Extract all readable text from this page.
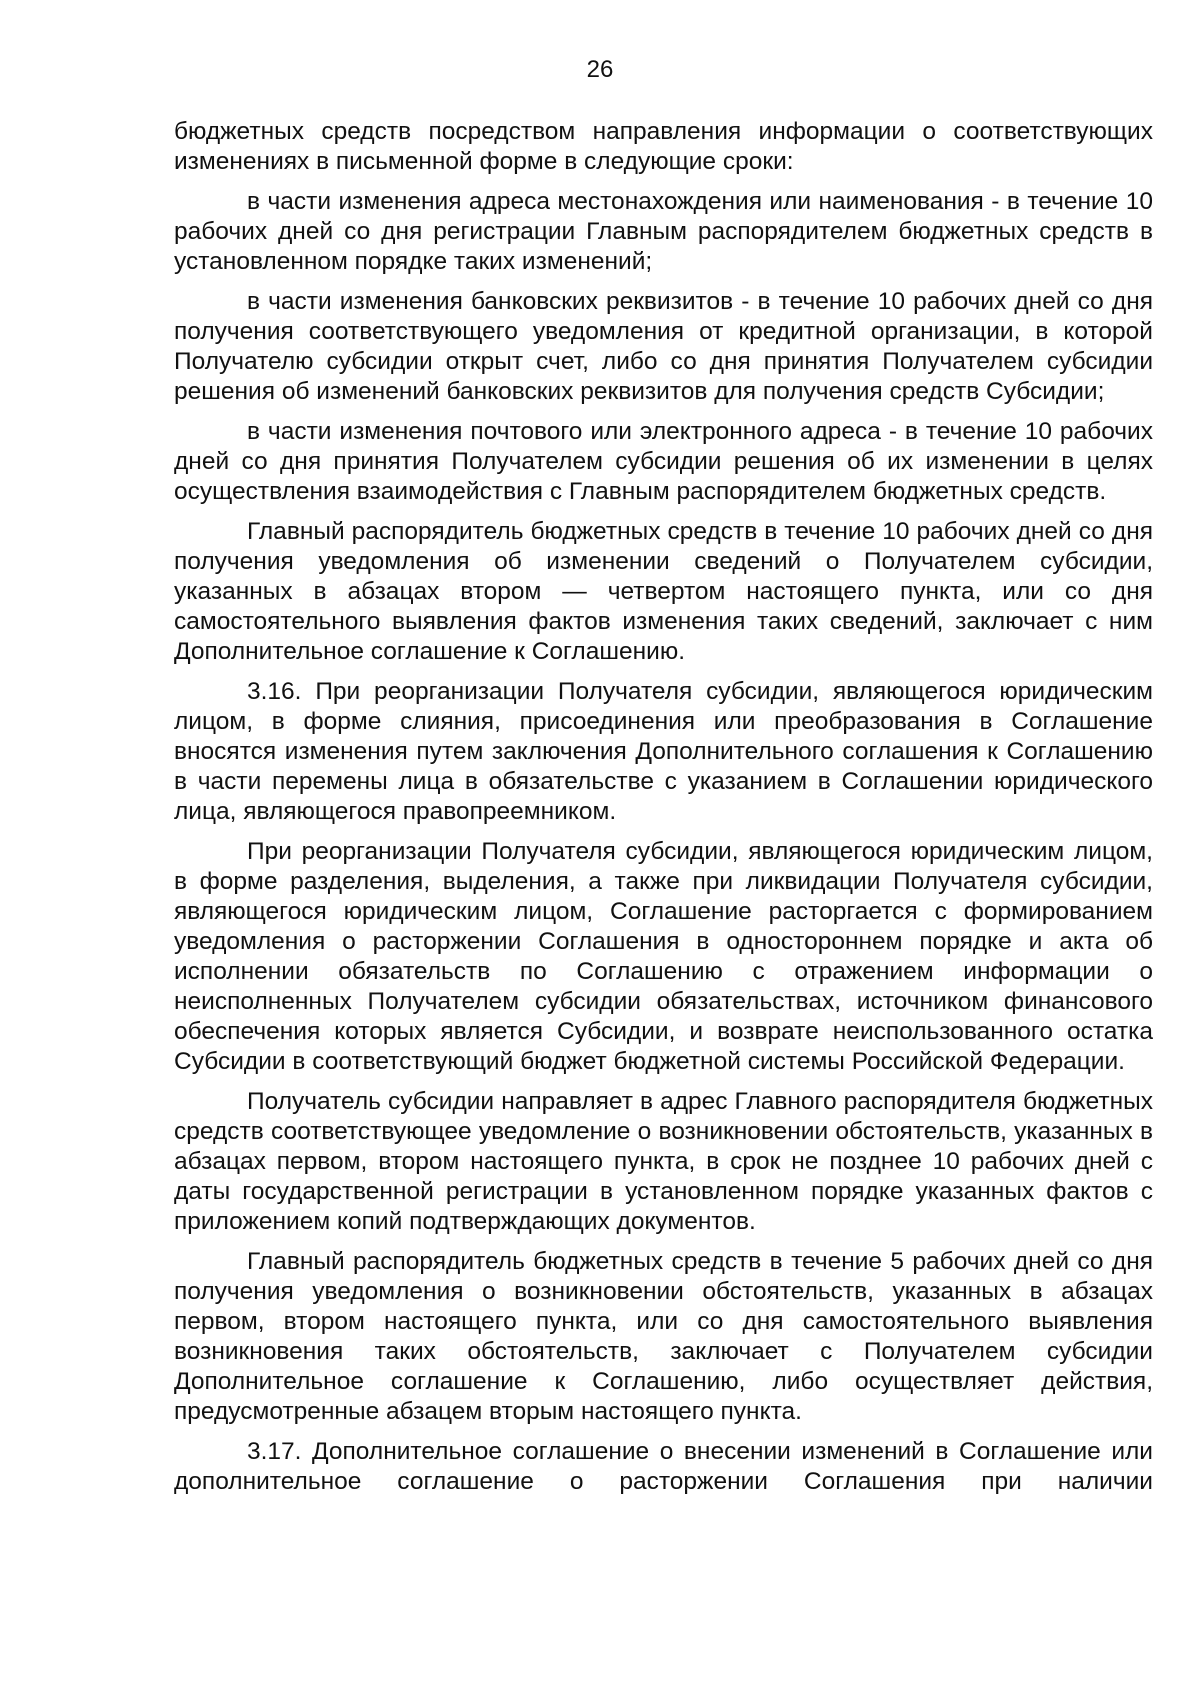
26

бюджетных средств посредством направления информации о соответствующих изменениях в письменной форме в следующие сроки:

в части изменения адреса местонахождения или наименования - в течение 10 рабочих дней со дня регистрации Главным распорядителем бюджетных средств в установленном порядке таких изменений;

в части изменения банковских реквизитов - в течение 10 рабочих дней со дня получения соответствующего уведомления от кредитной организации, в которой Получателю субсидии открыт счет, либо со дня принятия Получателем субсидии решения об изменений банковских реквизитов для получения средств Субсидии;

в части изменения почтового или электронного адреса - в течение 10 рабочих дней со дня принятия Получателем субсидии решения об их изменении в целях осуществления взаимодействия с Главным распорядителем бюджетных средств.

Главный распорядитель бюджетных средств в течение 10 рабочих дней со дня получения уведомления об изменении сведений о Получателем субсидии, указанных в абзацах втором — четвертом настоящего пункта, или со дня самостоятельного выявления фактов изменения таких сведений, заключает с ним Дополнительное соглашение к Соглашению.

3.16. При реорганизации Получателя субсидии, являющегося юридическим лицом, в форме слияния, присоединения или преобразования в Соглашение вносятся изменения путем заключения Дополнительного соглашения к Соглашению в части перемены лица в обязательстве с указанием в Соглашении юридического лица, являющегося правопреемником.

При реорганизации Получателя субсидии, являющегося юридическим лицом, в форме разделения, выделения, а также при ликвидации Получателя субсидии, являющегося юридическим лицом, Соглашение расторгается с формированием уведомления о расторжении Соглашения в одностороннем порядке и акта об исполнении обязательств по Соглашению с отражением информации о неисполненных Получателем субсидии обязательствах, источником финансового обеспечения которых является Субсидии, и возврате неиспользованного остатка Субсидии в соответствующий бюджет бюджетной системы Российской Федерации.

Получатель субсидии направляет в адрес Главного распорядителя бюджетных средств соответствующее уведомление о возникновении обстоятельств, указанных в абзацах первом, втором настоящего пункта, в срок не позднее 10 рабочих дней с даты государственной регистрации в установленном порядке указанных фактов с приложением копий подтверждающих документов.

Главный распорядитель бюджетных средств в течение 5 рабочих дней со дня получения уведомления о возникновении обстоятельств, указанных в абзацах первом, втором настоящего пункта, или со дня самостоятельного выявления возникновения таких обстоятельств, заключает с Получателем субсидии Дополнительное соглашение к Соглашению, либо осуществляет действия, предусмотренные абзацем вторым настоящего пункта.

3.17. Дополнительное соглашение о внесении изменений в Соглашение или дополнительное соглашение о расторжении Соглашения при наличии
